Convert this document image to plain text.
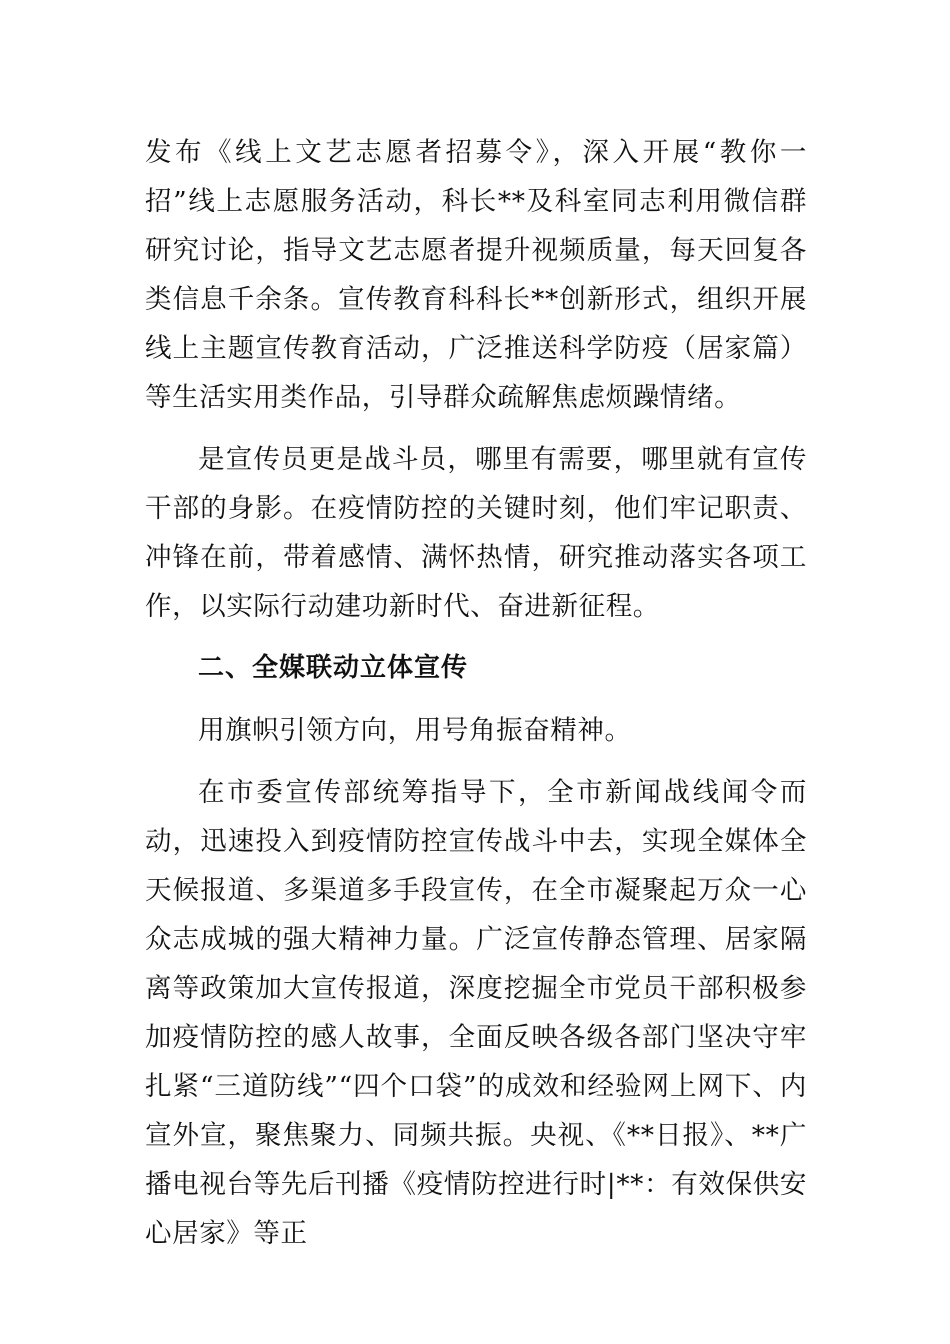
发布《线上文艺志愿者招募令》，深入开展“教你一招”线上志愿服务活动，科长**及科室同志利用微信群研究讨论，指导文艺志愿者提升视频质量，每天回复各类信息千余条。宣传教育科科长**创新形式，组织开展线上主题宣传教育活动，广泛推送科学防疫（居家篇）等生活实用类作品，引导群众疏解焦虑烦躁情绪。

是宣传员更是战斗员，哪里有需要，哪里就有宣传干部的身影。在疫情防控的关键时刻，他们牢记职责、冲锋在前，带着感情、满怀热情，研究推动落实各项工作，以实际行动建功新时代、奋进新征程。

二、全媒联动立体宣传

用旗帜引领方向，用号角振奋精神。

在市委宣传部统筹指导下，全市新闻战线闻令而动，迅速投入到疫情防控宣传战斗中去，实现全媒体全天候报道、多渠道多手段宣传，在全市凝聚起万众一心众志成城的强大精神力量。广泛宣传静态管理、居家隔离等政策加大宣传报道，深度挖掘全市党员干部积极参加疫情防控的感人故事，全面反映各级各部门坚决守牢扎紧“三道防线”“四个口袋”的成效和经验网上网下、内宣外宣，聚焦聚力、同频共振。央视、《**日报》、**广播电视台等先后刊播《疫情防控进行时|**：有效保供安心居家》等正
